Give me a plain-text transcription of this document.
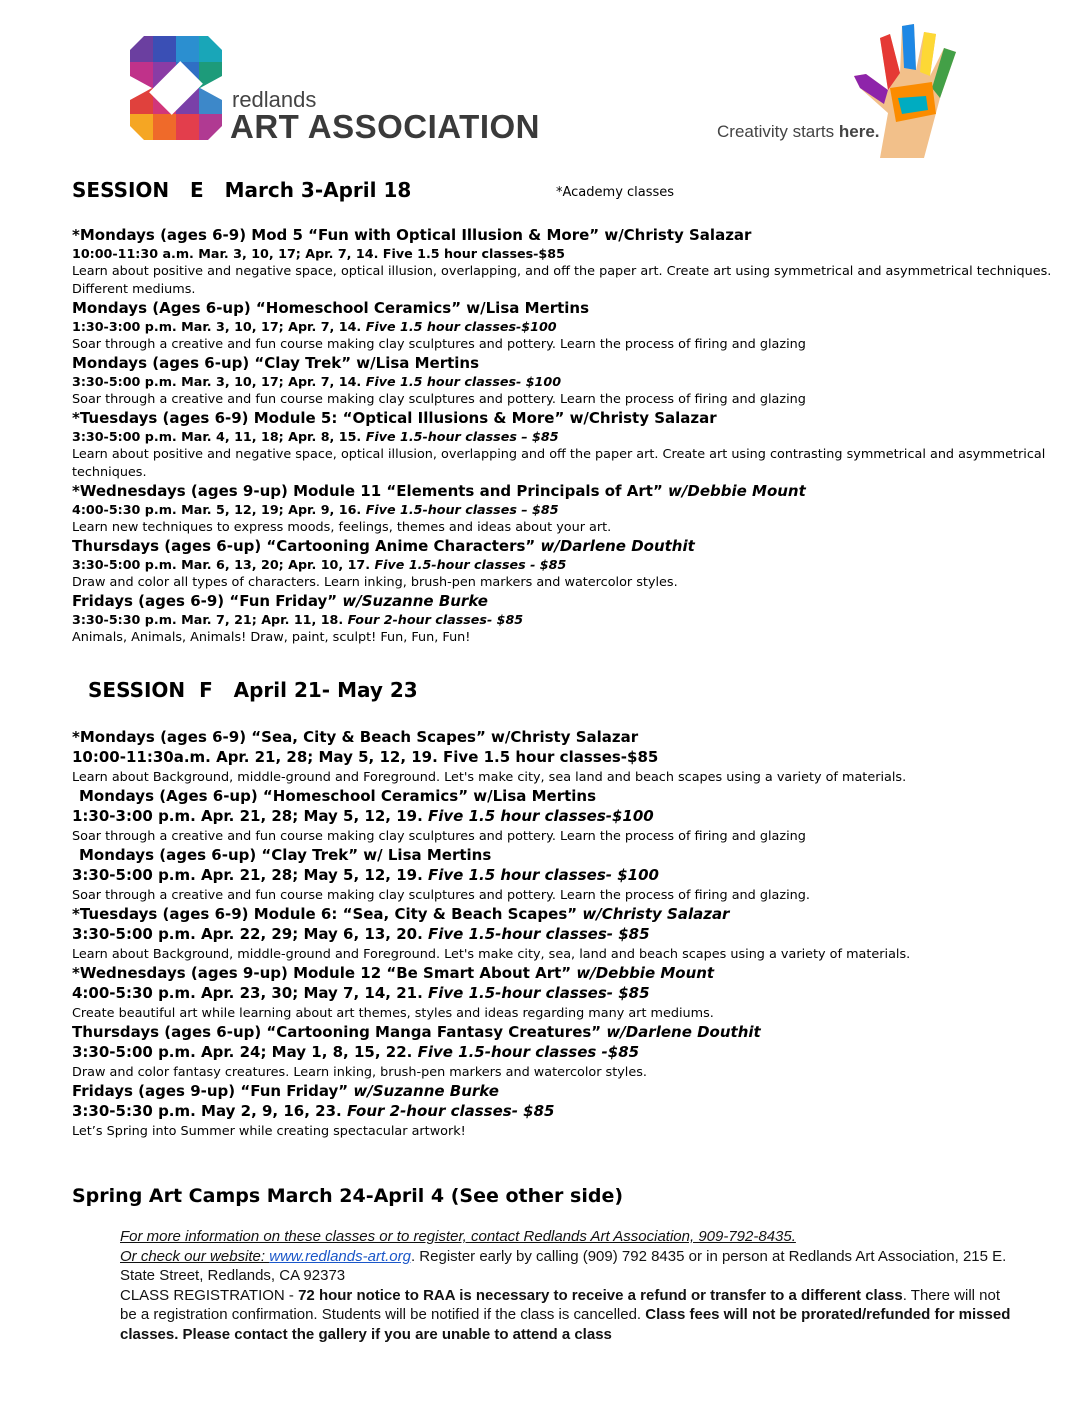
redlands
ART ASSOCIATION	Creativity starts here.
SESSION   E   March 3-April 18	*Academy classes
*Mondays (ages 6-9) Mod 5 “Fun with Optical Illusion & More” w/Christy Salazar
10:00-11:30 a.m. Mar. 3, 10, 17; Apr. 7, 14. Five 1.5 hour classes-$85
Learn about positive and negative space, optical illusion, overlapping, and off the paper art. Create art using symmetrical and asymmetrical techniques. Different mediums.
Mondays (Ages 6-up) “Homeschool Ceramics” w/Lisa Mertins
1:30-3:00 p.m. Mar. 3, 10, 17; Apr. 7, 14. Five 1.5 hour classes-$100
Soar through a creative and fun course making clay sculptures and pottery. Learn the process of firing and glazing
Mondays (ages 6-up) “Clay Trek” w/Lisa Mertins
3:30-5:00 p.m. Mar. 3, 10, 17; Apr. 7, 14. Five 1.5 hour classes- $100
Soar through a creative and fun course making clay sculptures and pottery. Learn the process of firing and glazing
*Tuesdays (ages 6-9) Module 5: “Optical Illusions & More” w/Christy Salazar
3:30-5:00 p.m. Mar. 4, 11, 18; Apr. 8, 15. Five 1.5-hour classes – $85
Learn about positive and negative space, optical illusion, overlapping and off the paper art. Create art using contrasting symmetrical and asymmetrical techniques.
*Wednesdays (ages 9-up) Module 11 “Elements and Principals of Art” w/Debbie Mount
4:00-5:30 p.m. Mar. 5, 12, 19; Apr. 9, 16. Five 1.5-hour classes – $85
Learn new techniques to express moods, feelings, themes and ideas about your art.
Thursdays (ages 6-up) “Cartooning Anime Characters” w/Darlene Douthit
3:30-5:00 p.m. Mar. 6, 13, 20; Apr. 10, 17. Five 1.5-hour classes - $85
Draw and color all types of characters. Learn inking, brush-pen markers and watercolor styles.
Fridays (ages 6-9) “Fun Friday” w/Suzanne Burke
3:30-5:30 p.m. Mar. 7, 21; Apr. 11, 18. Four 2-hour classes- $85
Animals, Animals, Animals! Draw, paint, sculpt! Fun, Fun, Fun!
SESSION  F   April 21- May 23
*Mondays (ages 6-9) “Sea, City & Beach Scapes” w/Christy Salazar
10:00-11:30a.m. Apr. 21, 28; May 5, 12, 19. Five 1.5 hour classes-$85
Learn about Background, middle-ground and Foreground. Let's make city, sea land and beach scapes using a variety of materials.
Mondays (Ages 6-up) “Homeschool Ceramics” w/Lisa Mertins
1:30-3:00 p.m. Apr. 21, 28; May 5, 12, 19. Five 1.5 hour classes-$100
Soar through a creative and fun course making clay sculptures and pottery. Learn the process of firing and glazing
Mondays (ages 6-up) “Clay Trek” w/ Lisa Mertins
3:30-5:00 p.m. Apr. 21, 28; May 5, 12, 19. Five 1.5 hour classes- $100
Soar through a creative and fun course making clay sculptures and pottery. Learn the process of firing and glazing.
*Tuesdays (ages 6-9) Module 6: “Sea, City & Beach Scapes” w/Christy Salazar
3:30-5:00 p.m. Apr. 22, 29; May 6, 13, 20. Five 1.5-hour classes- $85
Learn about Background, middle-ground and Foreground. Let's make city, sea, land and beach scapes using a variety of materials.
*Wednesdays (ages 9-up) Module 12 “Be Smart About Art” w/Debbie Mount
4:00-5:30 p.m. Apr. 23, 30; May 7, 14, 21. Five 1.5-hour classes- $85
Create beautiful art while learning about art themes, styles and ideas regarding many art mediums.
Thursdays (ages 6-up) “Cartooning Manga Fantasy Creatures” w/Darlene Douthit
3:30-5:00 p.m. Apr. 24; May 1, 8, 15, 22. Five 1.5-hour classes -$85
Draw and color fantasy creatures. Learn inking, brush-pen markers and watercolor styles.
Fridays (ages 9-up) “Fun Friday” w/Suzanne Burke
3:30-5:30 p.m. May 2, 9, 16, 23. Four 2-hour classes- $85
Let’s Spring into Summer while creating spectacular artwork!
Spring Art Camps March 24-April 4 (See other side)
For more information on these classes or to register, contact Redlands Art Association, 909-792-8435.
Or check our website: www.redlands-art.org. Register early by calling (909) 792 8435 or in person at Redlands Art Association, 215 E. State Street, Redlands, CA 92373
CLASS REGISTRATION - 72 hour notice to RAA is necessary to receive a refund or transfer to a different class. There will not be a registration confirmation. Students will be notified if the class is cancelled. Class fees will not be prorated/refunded for missed classes. Please contact the gallery if you are unable to attend a class
